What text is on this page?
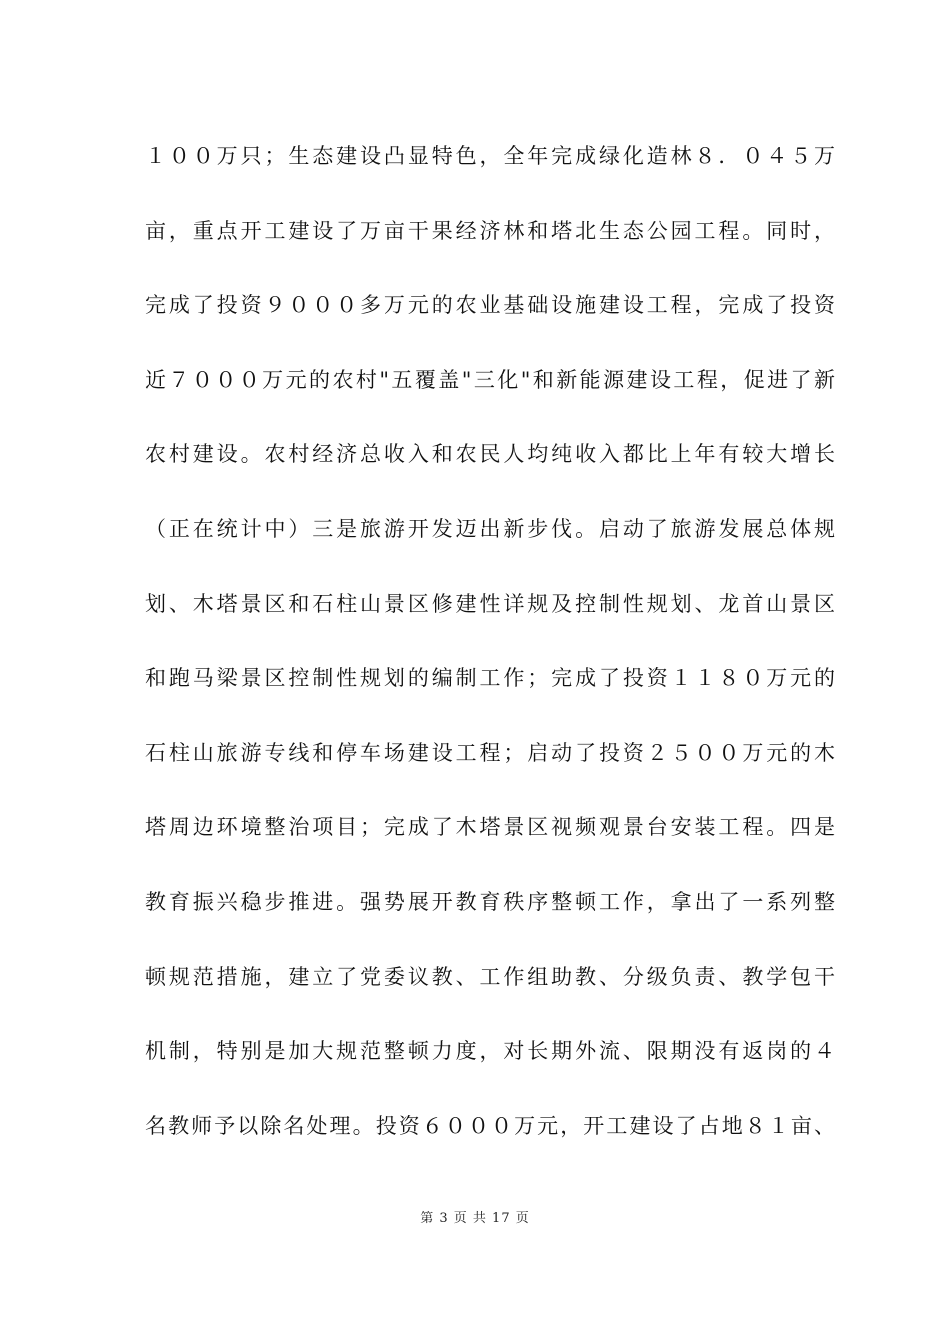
１００万只；生态建设凸显特色，全年完成绿化造林８．０４５万
亩，重点开工建设了万亩干果经济林和塔北生态公园工程。同时，
完成了投资９０００多万元的农业基础设施建设工程，完成了投资
近７０００万元的农村"五覆盖"三化"和新能源建设工程，促进了新
农村建设。农村经济总收入和农民人均纯收入都比上年有较大增长
（正在统计中）三是旅游开发迈出新步伐。启动了旅游发展总体规
划、木塔景区和石柱山景区修建性详规及控制性规划、龙首山景区
和跑马梁景区控制性规划的编制工作；完成了投资１１８０万元的
石柱山旅游专线和停车场建设工程；启动了投资２５００万元的木
塔周边环境整治项目；完成了木塔景区视频观景台安装工程。四是
教育振兴稳步推进。强势展开教育秩序整顿工作，拿出了一系列整
顿规范措施，建立了党委议教、工作组助教、分级负责、教学包干
机制，特别是加大规范整顿力度，对长期外流、限期没有返岗的４
名教师予以除名处理。投资６０００万元，开工建设了占地８１亩、
第 3 页 共 17 页
